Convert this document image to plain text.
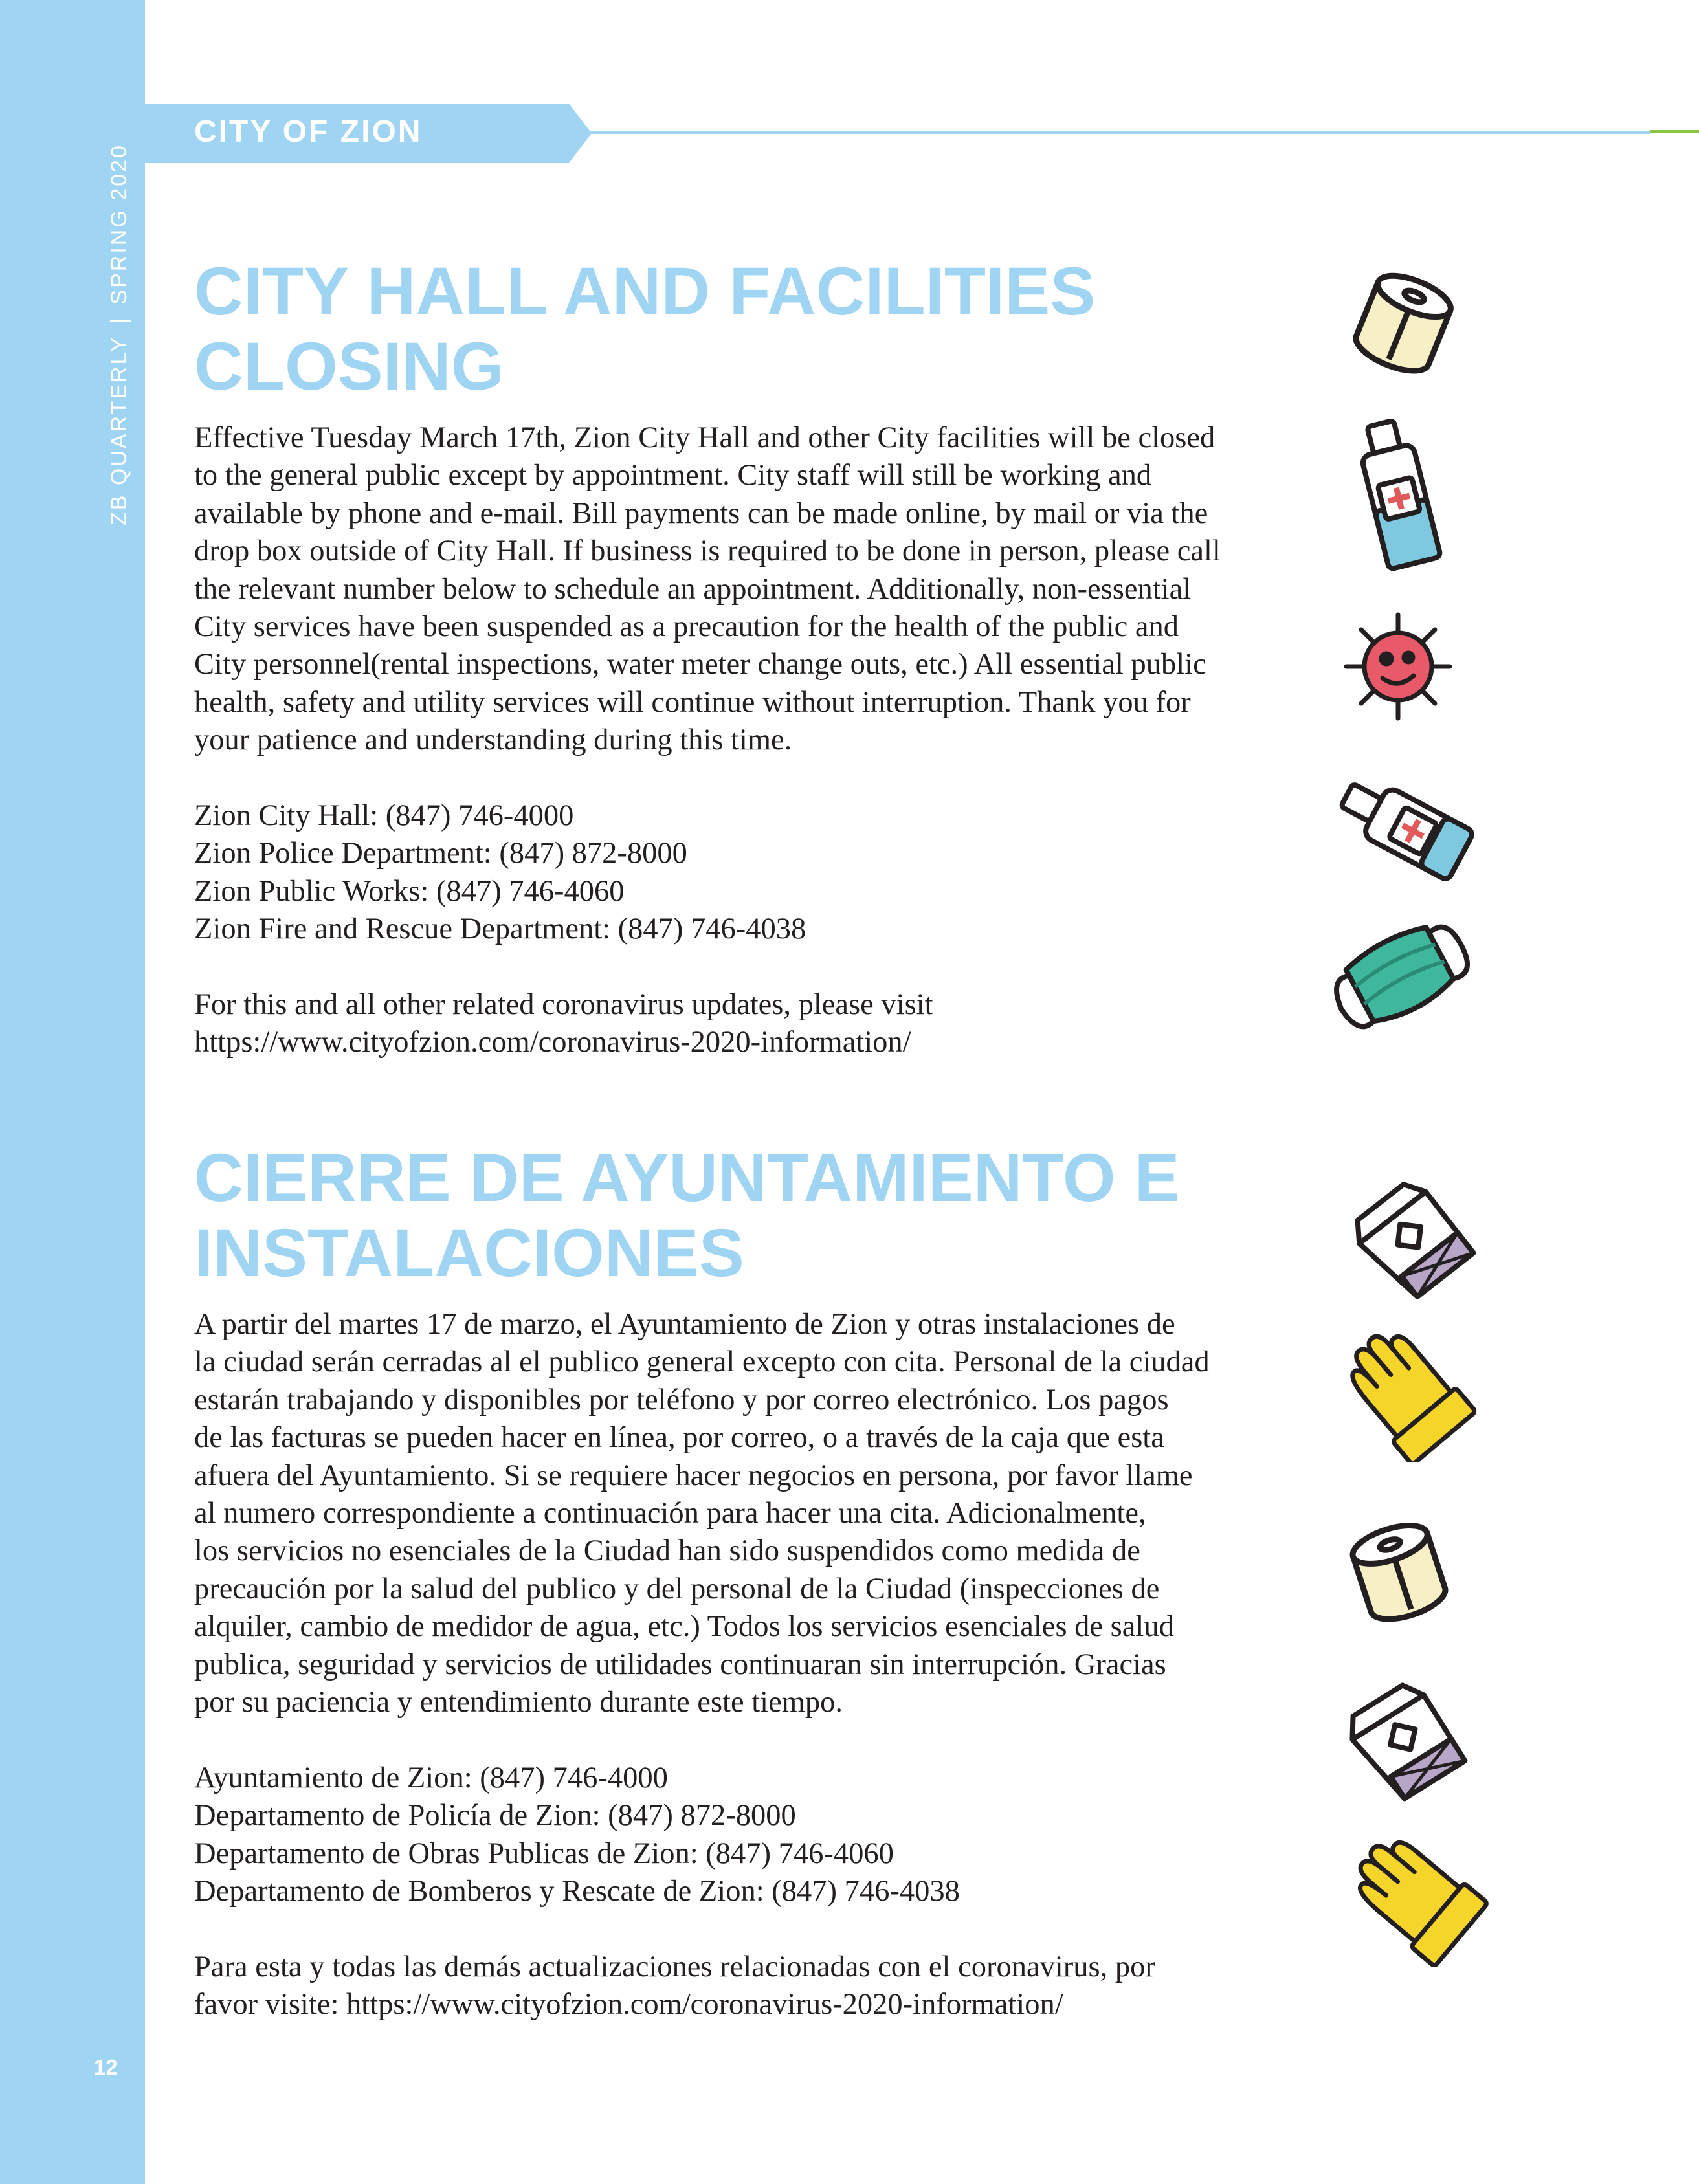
ZB QUARTERLY|SPRING 2020
12
CITY OF ZION
CITY HALL AND FACILITIES
CLOSING

Effective Tuesday March 17th, Zion City Hall and other City facilities will be closed

to the general public except by appointment. City staff will still be working and

available by phone and e-mail. Bill payments can be made online, by mail or via the

drop box outside of City Hall. If business is required to be done in person, please call

the relevant number below to schedule an appointment. Additionally, non-essential

City services have been suspended as a precaution for the health of the public and

City personnel(rental inspections, water meter change outs, etc.) All essential public

health, safety and utility services will continue without interruption. Thank you for

your patience and understanding during this time.

Zion City Hall: (847) 746-4000

Zion Police Department: (847) 872-8000

Zion Public Works: (847) 746-4060

Zion Fire and Rescue Department: (847) 746-4038

For this and all other related coronavirus updates, please visit

https://www.cityofzion.com/coronavirus-2020-information/

CIERRE DE AYUNTAMIENTO E
INSTALACIONES

A partir del martes 17 de marzo, el Ayuntamiento de Zion y otras instalaciones de

la ciudad serán cerradas al el publico general excepto con cita. Personal de la ciudad

estarán trabajando y disponibles por teléfono y por correo electrónico. Los pagos

de las facturas se pueden hacer en línea, por correo, o a través de la caja que esta

afuera del Ayuntamiento. Si se requiere hacer negocios en persona, por favor llame

al numero correspondiente a continuación para hacer una cita. Adicionalmente,

los servicios no esenciales de la Ciudad han sido suspendidos como medida de

precaución por la salud del publico y del personal de la Ciudad (inspecciones de

alquiler, cambio de medidor de agua, etc.) Todos los servicios esenciales de salud

publica, seguridad y servicios de utilidades continuaran sin interrupción. Gracias

por su paciencia y entendimiento durante este tiempo.

Ayuntamiento de Zion: (847) 746-4000

Departamento de Policía de Zion: (847) 872-8000

Departamento de Obras Publicas de Zion: (847) 746-4060

Departamento de Bomberos y Rescate de Zion: (847) 746-4038

Para esta y todas las demás actualizaciones relacionadas con el coronavirus, por

favor visite: https://www.cityofzion.com/coronavirus-2020-information/
